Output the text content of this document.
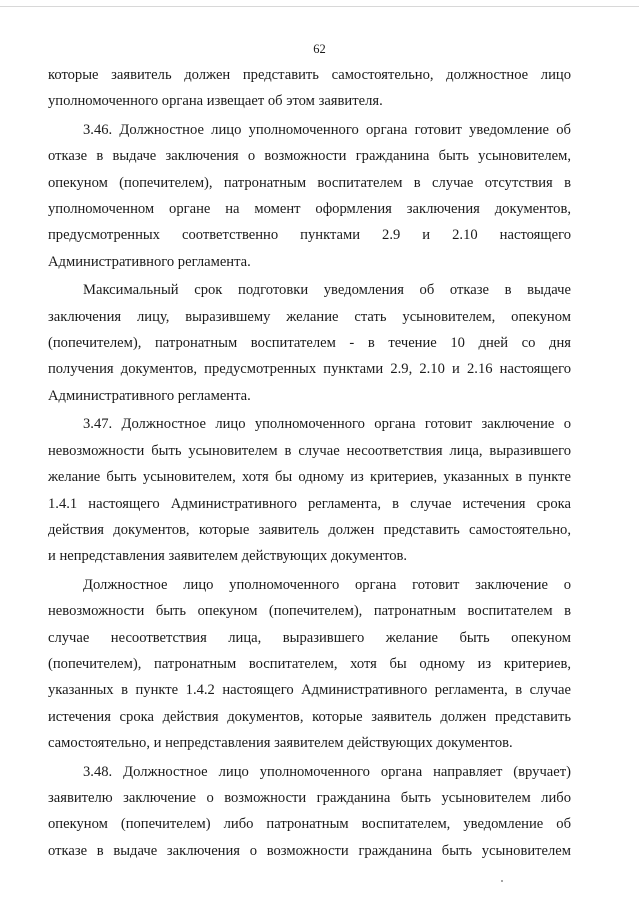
62

которые заявитель должен представить самостоятельно, должностное лицо
уполномоченного органа извещает об этом заявителя.

3.46. Должностное лицо уполномоченного органа готовит уведомление об
отказе в выдаче заключения о возможности гражданина быть усыновителем,
опекуном (попечителем), патронатным воспитателем в случае отсутствия в
уполномоченном органе на момент оформления заключения документов,
предусмотренных соответственно пунктами 2.9 и 2.10 настоящего
Административного регламента.

Максимальный срок подготовки уведомления об отказе в выдаче
заключения лицу, выразившему желание стать усыновителем, опекуном
(попечителем), патронатным воспитателем - в течение 10 дней со дня
получения документов, предусмотренных пунктами 2.9, 2.10 и 2.16 настоящего
Административного регламента.

3.47. Должностное лицо уполномоченного органа готовит заключение о
невозможности быть усыновителем в случае несоответствия лица, выразившего
желание быть усыновителем, хотя бы одному из критериев, указанных в пункте
1.4.1 настоящего Административного регламента, в случае истечения срока
действия документов, которые заявитель должен представить самостоятельно,
и непредставления заявителем действующих документов.

Должностное лицо уполномоченного органа готовит заключение о
невозможности быть опекуном (попечителем), патронатным воспитателем в
случае несоответствия лица, выразившего желание быть опекуном
(попечителем), патронатным воспитателем, хотя бы одному из критериев,
указанных в пункте 1.4.2 настоящего Административного регламента, в случае
истечения срока действия документов, которые заявитель должен представить
самостоятельно, и непредставления заявителем действующих документов.

3.48. Должностное лицо уполномоченного органа направляет (вручает)
заявителю заключение о возможности гражданина быть усыновителем либо
опекуном (попечителем) либо патронатным воспитателем, уведомление об
отказе в выдаче заключения о возможности гражданина быть усыновителем
